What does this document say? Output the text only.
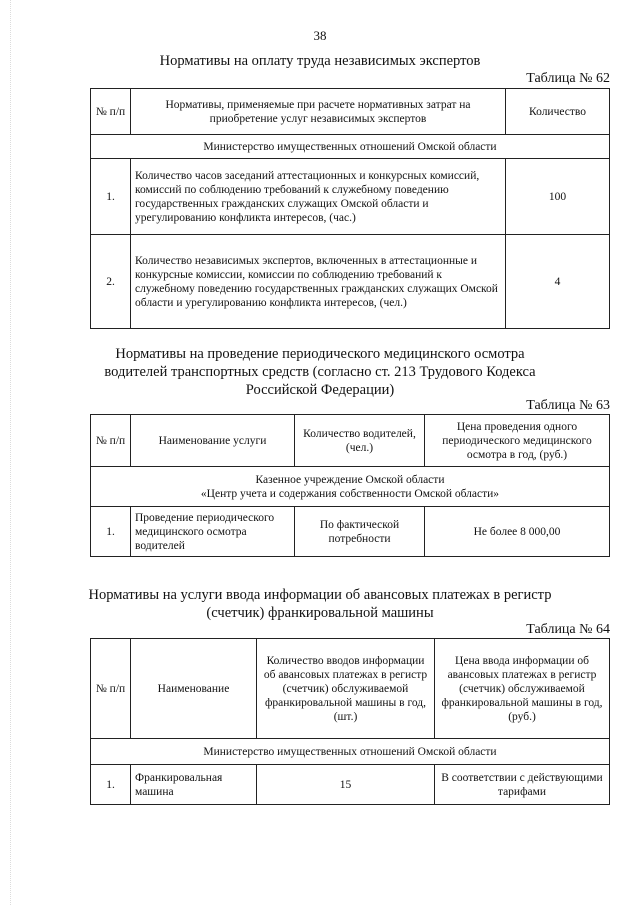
38
Нормативы на оплату труда независимых экспертов
Таблица № 62
№ п/п	Нормативы, применяемые при расчете нормативных затрат на приобретение услуг независимых экспертов	Количество
Министерство имущественных отношений Омской области		
1.	Количество часов заседаний аттестационных и конкурсных комиссий, комиссий по соблюдению требований к служебному поведению государственных гражданских служащих Омской области и урегулированию конфликта интересов, (час.)	100
2.	Количество независимых экспертов, включенных в аттестационные и конкурсные комиссии, комиссии по соблюдению требований к служебному поведению государственных гражданских служащих Омской области и урегулированию конфликта интересов, (чел.)	4
Нормативы на проведение периодического медицинского осмотра
водителей транспортных средств (согласно ст. 213 Трудового Кодекса
Российской Федерации)
Таблица № 63
№ п/п	Наименование услуги	Количество водителей, (чел.)	Цена проведения одного периодического медицинского осмотра в год, (руб.)

Казенное учреждение Омской области
«Центр учета и содержания собственности Омской области»			

1.	Проведение периодического медицинского осмотра водителей	По фактической потребности	Не более 8 000,00
Нормативы на услуги ввода информации об авансовых платежах в регистр
(счетчик) франкировальной машины
Таблица № 64
№ п/п	Наименование	Количество вводов информации об авансовых платежах в регистр (счетчик) обслуживаемой франкировальной машины в год, (шт.)	Цена ввода информации об авансовых платежах в регистр (счетчик) обслуживаемой франкировальной машины в год, (руб.)
Министерство имущественных отношений Омской области			
1.	Франкировальная машина	15	В соответствии с действующими тарифами
